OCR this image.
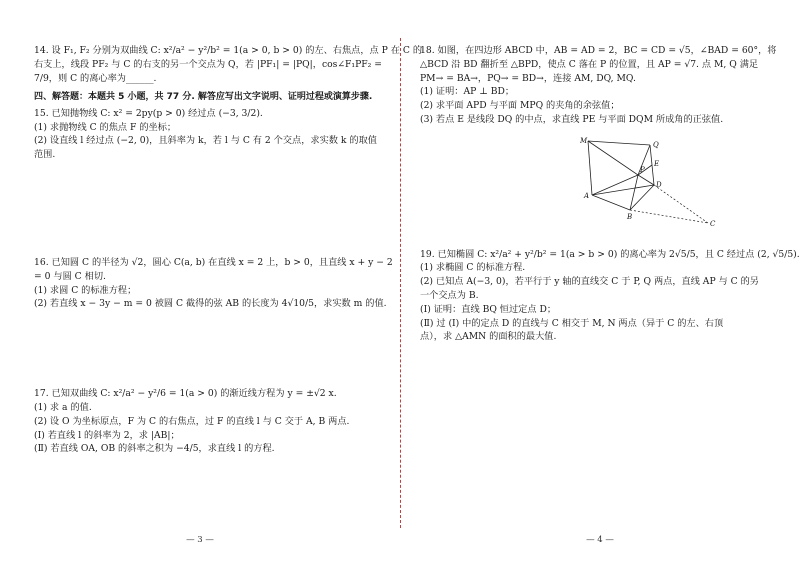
14. 设 F₁, F₂ 分别为双曲线 C: x²/a² − y²/b² = 1(a > 0, b > 0) 的左、右焦点，点 P 在 C 的
右支上，线段 PF₂ 与 C 的右支的另一个交点为 Q，若 |PF₁| = |PQ|，cos∠F₁PF₂ =
7/9，则 C 的离心率为______.
四、解答题：本题共 5 小题，共 77 分. 解答应写出文字说明、证明过程或演算步骤.
15. 已知抛物线 C: x² = 2py(p > 0) 经过点 (−3, 3/2).
(1) 求抛物线 C 的焦点 F 的坐标；
(2) 设直线 l 经过点 (−2, 0)，且斜率为 k，若 l 与 C 有 2 个交点，求实数 k 的取值
范围.
16. 已知圆 C 的半径为 √2，圆心 C(a, b) 在直线 x = 2 上，b > 0，且直线 x + y − 2
= 0 与圆 C 相切.
(1) 求圆 C 的标准方程；
(2) 若直线 x − 3y − m = 0 被圆 C 截得的弦 AB 的长度为 4√10/5，求实数 m 的值.
17. 已知双曲线 C: x²/a² − y²/6 = 1(a > 0) 的渐近线方程为 y = ±√2 x.
(1) 求 a 的值.
(2) 设 O 为坐标原点，F 为 C 的右焦点，过 F 的直线 l 与 C 交于 A, B 两点.
(Ⅰ) 若直线 l 的斜率为 2，求 |AB|；
(Ⅱ) 若直线 OA, OB 的斜率之积为 −4/5，求直线 l 的方程.
— 3 —
18. 如图，在四边形 ABCD 中，AB = AD = 2，BC = CD = √5，∠BAD = 60°，将
△BCD 沿 BD 翻折至 △BPD，使点 C 落在 P 的位置，且 AP = √7. 点 M, Q 满足
PM→ = BA→，PQ→ = BD→，连接 AM, DQ, MQ.
(1) 证明：AP ⊥ BD；
(2) 求平面 APD 与平面 MPQ 的夹角的余弦值；
(3) 若点 E 是线段 DQ 的中点，求直线 PE 与平面 DQM 所成角的正弦值.
M	Q
P
E
D
A
B
C
19. 已知椭圆 C: x²/a² + y²/b² = 1(a > b > 0) 的离心率为 2√5/5，且 C 经过点 (2, √5/5).
(1) 求椭圆 C 的标准方程.
(2) 已知点 A(−3, 0)，若平行于 y 轴的直线交 C 于 P, Q 两点，直线 AP 与 C 的另
一个交点为 B.
(Ⅰ) 证明：直线 BQ 恒过定点 D；
(Ⅱ) 过 (Ⅰ) 中的定点 D 的直线与 C 相交于 M, N 两点（异于 C 的左、右顶
点），求 △AMN 的面积的最大值.
— 4 —
